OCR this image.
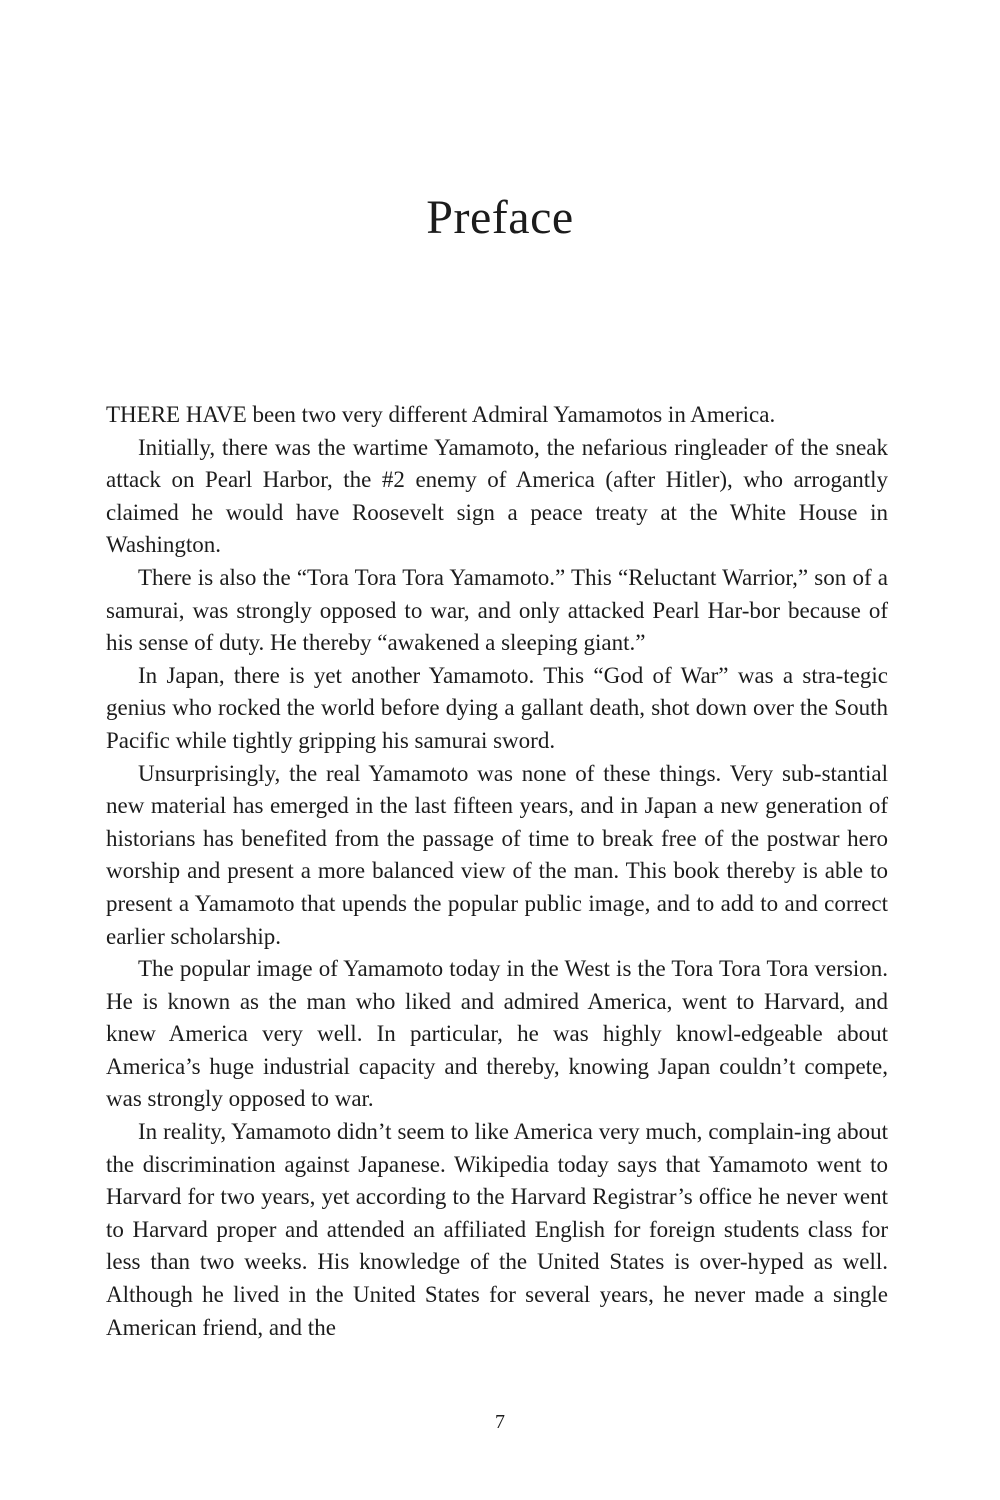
Preface

THERE HAVE been two very different Admiral Yamamotos in America.

Initially, there was the wartime Yamamoto, the nefarious ringleader of the sneak attack on Pearl Harbor, the #2 enemy of America (after Hitler), who arrogantly claimed he would have Roosevelt sign a peace treaty at the White House in Washington.

There is also the “Tora Tora Tora Yamamoto.” This “Reluctant Warrior,” son of a samurai, was strongly opposed to war, and only attacked Pearl Har-bor because of his sense of duty. He thereby “awakened a sleeping giant.”

In Japan, there is yet another Yamamoto. This “God of War” was a stra-tegic genius who rocked the world before dying a gallant death, shot down over the South Pacific while tightly gripping his samurai sword.

Unsurprisingly, the real Yamamoto was none of these things. Very sub-stantial new material has emerged in the last fifteen years, and in Japan a new generation of historians has benefited from the passage of time to break free of the postwar hero worship and present a more balanced view of the man. This book thereby is able to present a Yamamoto that upends the popular public image, and to add to and correct earlier scholarship.

The popular image of Yamamoto today in the West is the Tora Tora Tora version. He is known as the man who liked and admired America, went to Harvard, and knew America very well. In particular, he was highly knowl-edgeable about America’s huge industrial capacity and thereby, knowing Japan couldn’t compete, was strongly opposed to war.

In reality, Yamamoto didn’t seem to like America very much, complain-ing about the discrimination against Japanese. Wikipedia today says that Yamamoto went to Harvard for two years, yet according to the Harvard Registrar’s office he never went to Harvard proper and attended an affiliated English for foreign students class for less than two weeks. His knowledge of the United States is over-hyped as well. Although he lived in the United States for several years, he never made a single American friend, and the

7
